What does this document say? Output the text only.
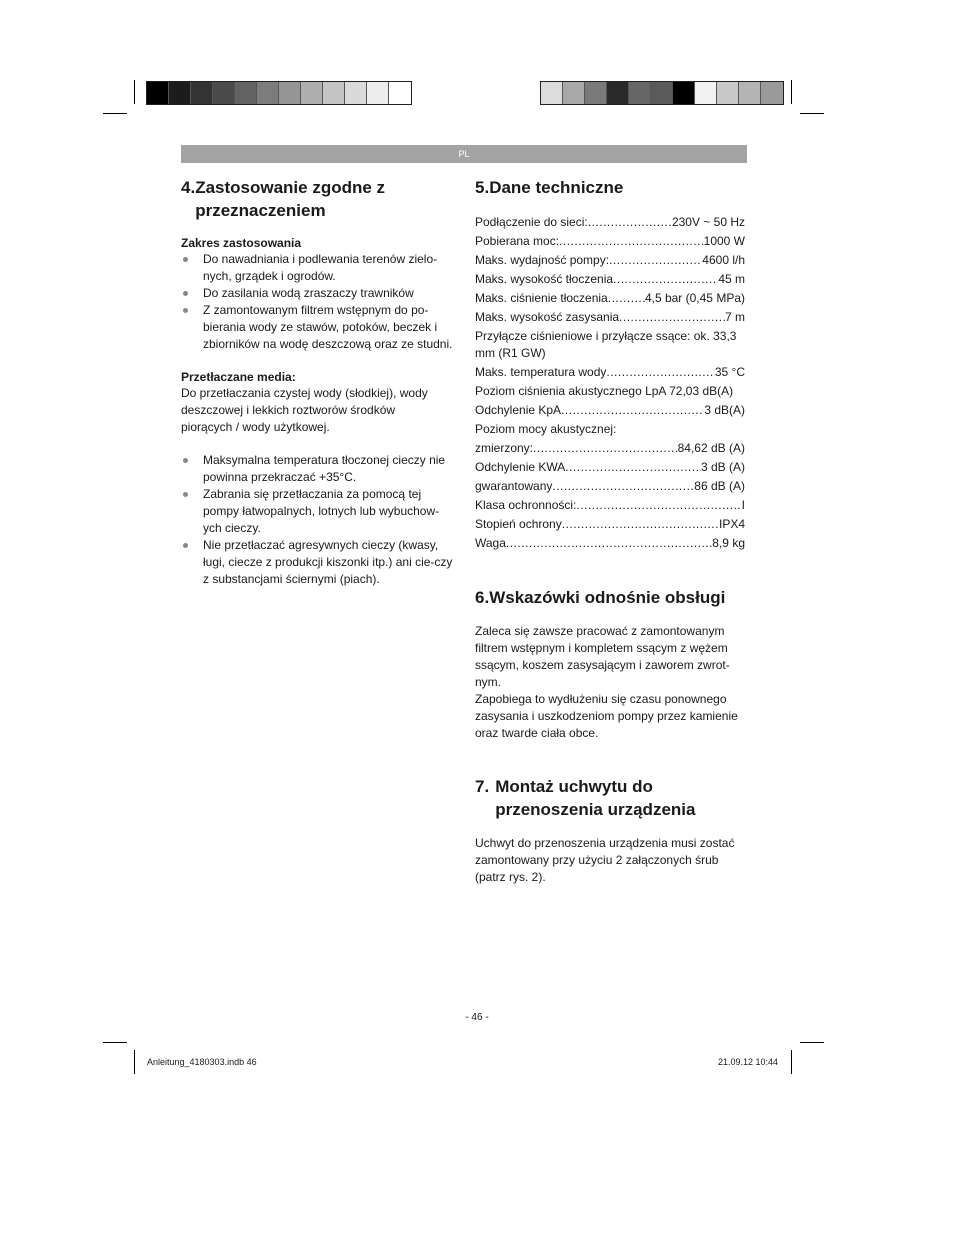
PL
4. Zastosowanie zgodne z przeznaczeniem

Zakres zastosowania

Do nawadniania i podlewania terenów zielo-nych, grządek i ogrodów.
Do zasilania wodą zraszaczy trawników
Z zamontowanym filtrem wstępnym do po-bierania wody ze stawów, potoków, beczek i zbiorników na wodę deszczową oraz ze studni.

Przetłaczane media:

Do przetłaczania czystej wody (słodkiej), wody deszczowej i lekkich roztworów środków piorących / wody użytkowej.

Maksymalna temperatura tłoczonej cieczy nie powinna przekraczać +35°C.
Zabrania się przetłaczania za pomocą tej pompy łatwopalnych, lotnych lub wybuchow-ych cieczy.
Nie przetłaczać agresywnych cieczy (kwasy, ługi, ciecze z produkcji kiszonki itp.) ani cie-czy z substancjami ściernymi (piach).
5. Dane techniczne
Podłączenie do sieci: .....	230V ~ 50 Hz
Pobierana moc: .....	1000 W
Maks. wydajność pompy: .....	4600 l/h
Maks. wysokość tłoczenia .....	45 m
Maks. ciśnienie tłoczenia .....	4,5 bar (0,45 MPa)
Maks. wysokość zasysania .....	7 m
Przyłącze ciśnieniowe i przyłącze ssące: ok. 33,3 mm (R1 GW)
Maks. temperatura wody .....	35 °C
Poziom ciśnienia akustycznego LpA 72,03 dB(A)
Odchylenie KpA .....	3 dB(A)
Poziom mocy akustycznej:
zmierzony: .....	84,62 dB (A)
Odchylenie KWA .....	3 dB (A)
gwarantowany .....	86 dB (A)
Klasa ochronności: .....	I
Stopień ochrony .....	IPX4
Waga .....	8,9 kg
6. Wskazówki odnośnie obsługi

Zaleca się zawsze pracować z zamontowanym filtrem wstępnym i kompletem ssącym z wężem ssącym, koszem zasysającym i zaworem zwrot-nym.

Zapobiega to wydłużeniu się czasu ponownego zasysania i uszkodzeniom pompy przez kamienie oraz twarde ciała obce.

7. Montaż uchwytu do przenoszenia urządzenia

Uchwyt do przenoszenia urządzenia musi zostać zamontowany przy użyciu 2 załączonych śrub (patrz rys. 2).

- 46 -
Anleitung_4180303.indb 46	21.09.12 10:44
